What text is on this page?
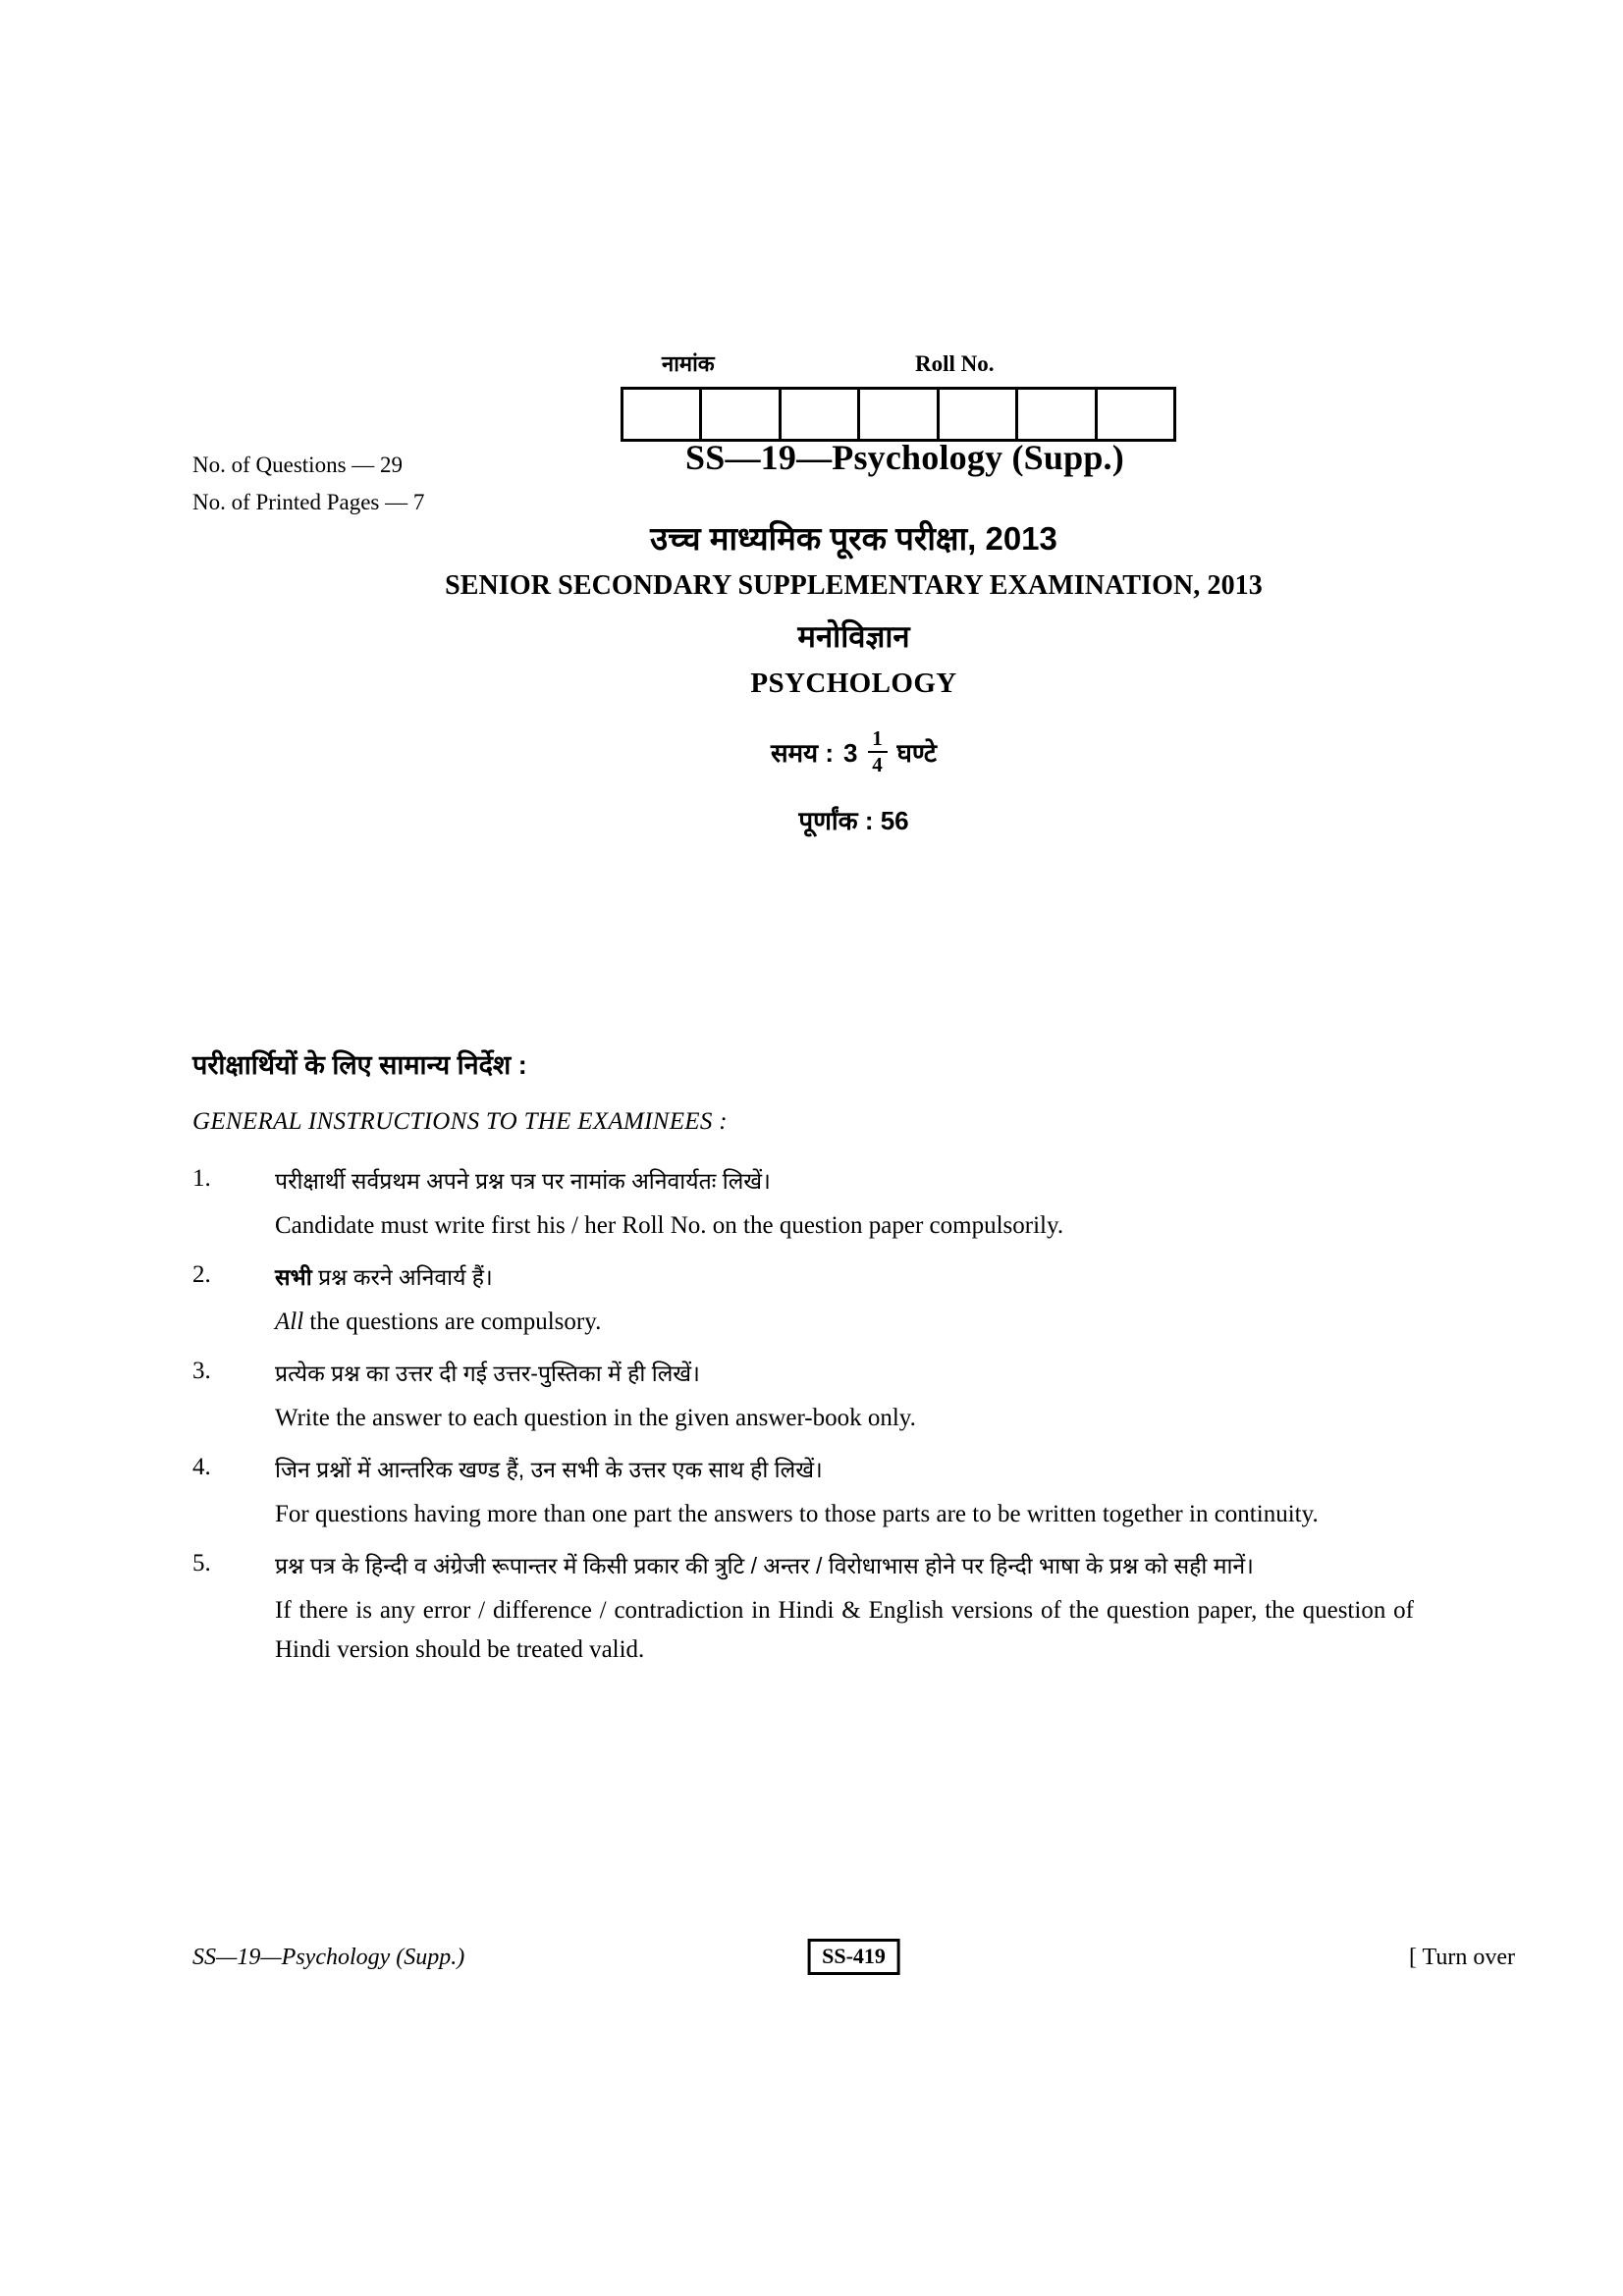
नामांक	Roll No.
No. of Questions — 29
No. of Printed Pages — 7
SS—19—Psychology (Supp.)
उच्च माध्यमिक पूरक परीक्षा, 2013
SENIOR SECONDARY SUPPLEMENTARY EXAMINATION, 2013
मनोविज्ञान
PSYCHOLOGY
समय : $3 \frac{1}{4}$ घण्टे
पूर्णांक : 56
परीक्षार्थियों के लिए सामान्य निर्देश :
GENERAL INSTRUCTIONS TO THE EXAMINEES :
1.	परीक्षार्थी सर्वप्रथम अपने प्रश्न पत्र पर नामांक अनिवार्यतः लिखें।
Candidate must write first his / her Roll No. on the question paper compulsorily.
2.	सभी प्रश्न करने अनिवार्य हैं।
All the questions are compulsory.
3.	प्रत्येक प्रश्न का उत्तर दी गई उत्तर-पुस्तिका में ही लिखें।
Write the answer to each question in the given answer-book only.
4.	जिन प्रश्नों में आन्तरिक खण्ड हैं, उन सभी के उत्तर एक साथ ही लिखें।
For questions having more than one part the answers to those parts are to be written together in continuity.
5.	प्रश्न पत्र के हिन्दी व अंग्रेजी रूपान्तर में किसी प्रकार की त्रुटि / अन्तर / विरोधाभास होने पर हिन्दी भाषा के प्रश्न को सही मानें।
If there is any error / difference / contradiction in Hindi & English versions of the question paper, the question of Hindi version should be treated valid.
SS—19—Psychology (Supp.)	SS-419	[ Turn over
